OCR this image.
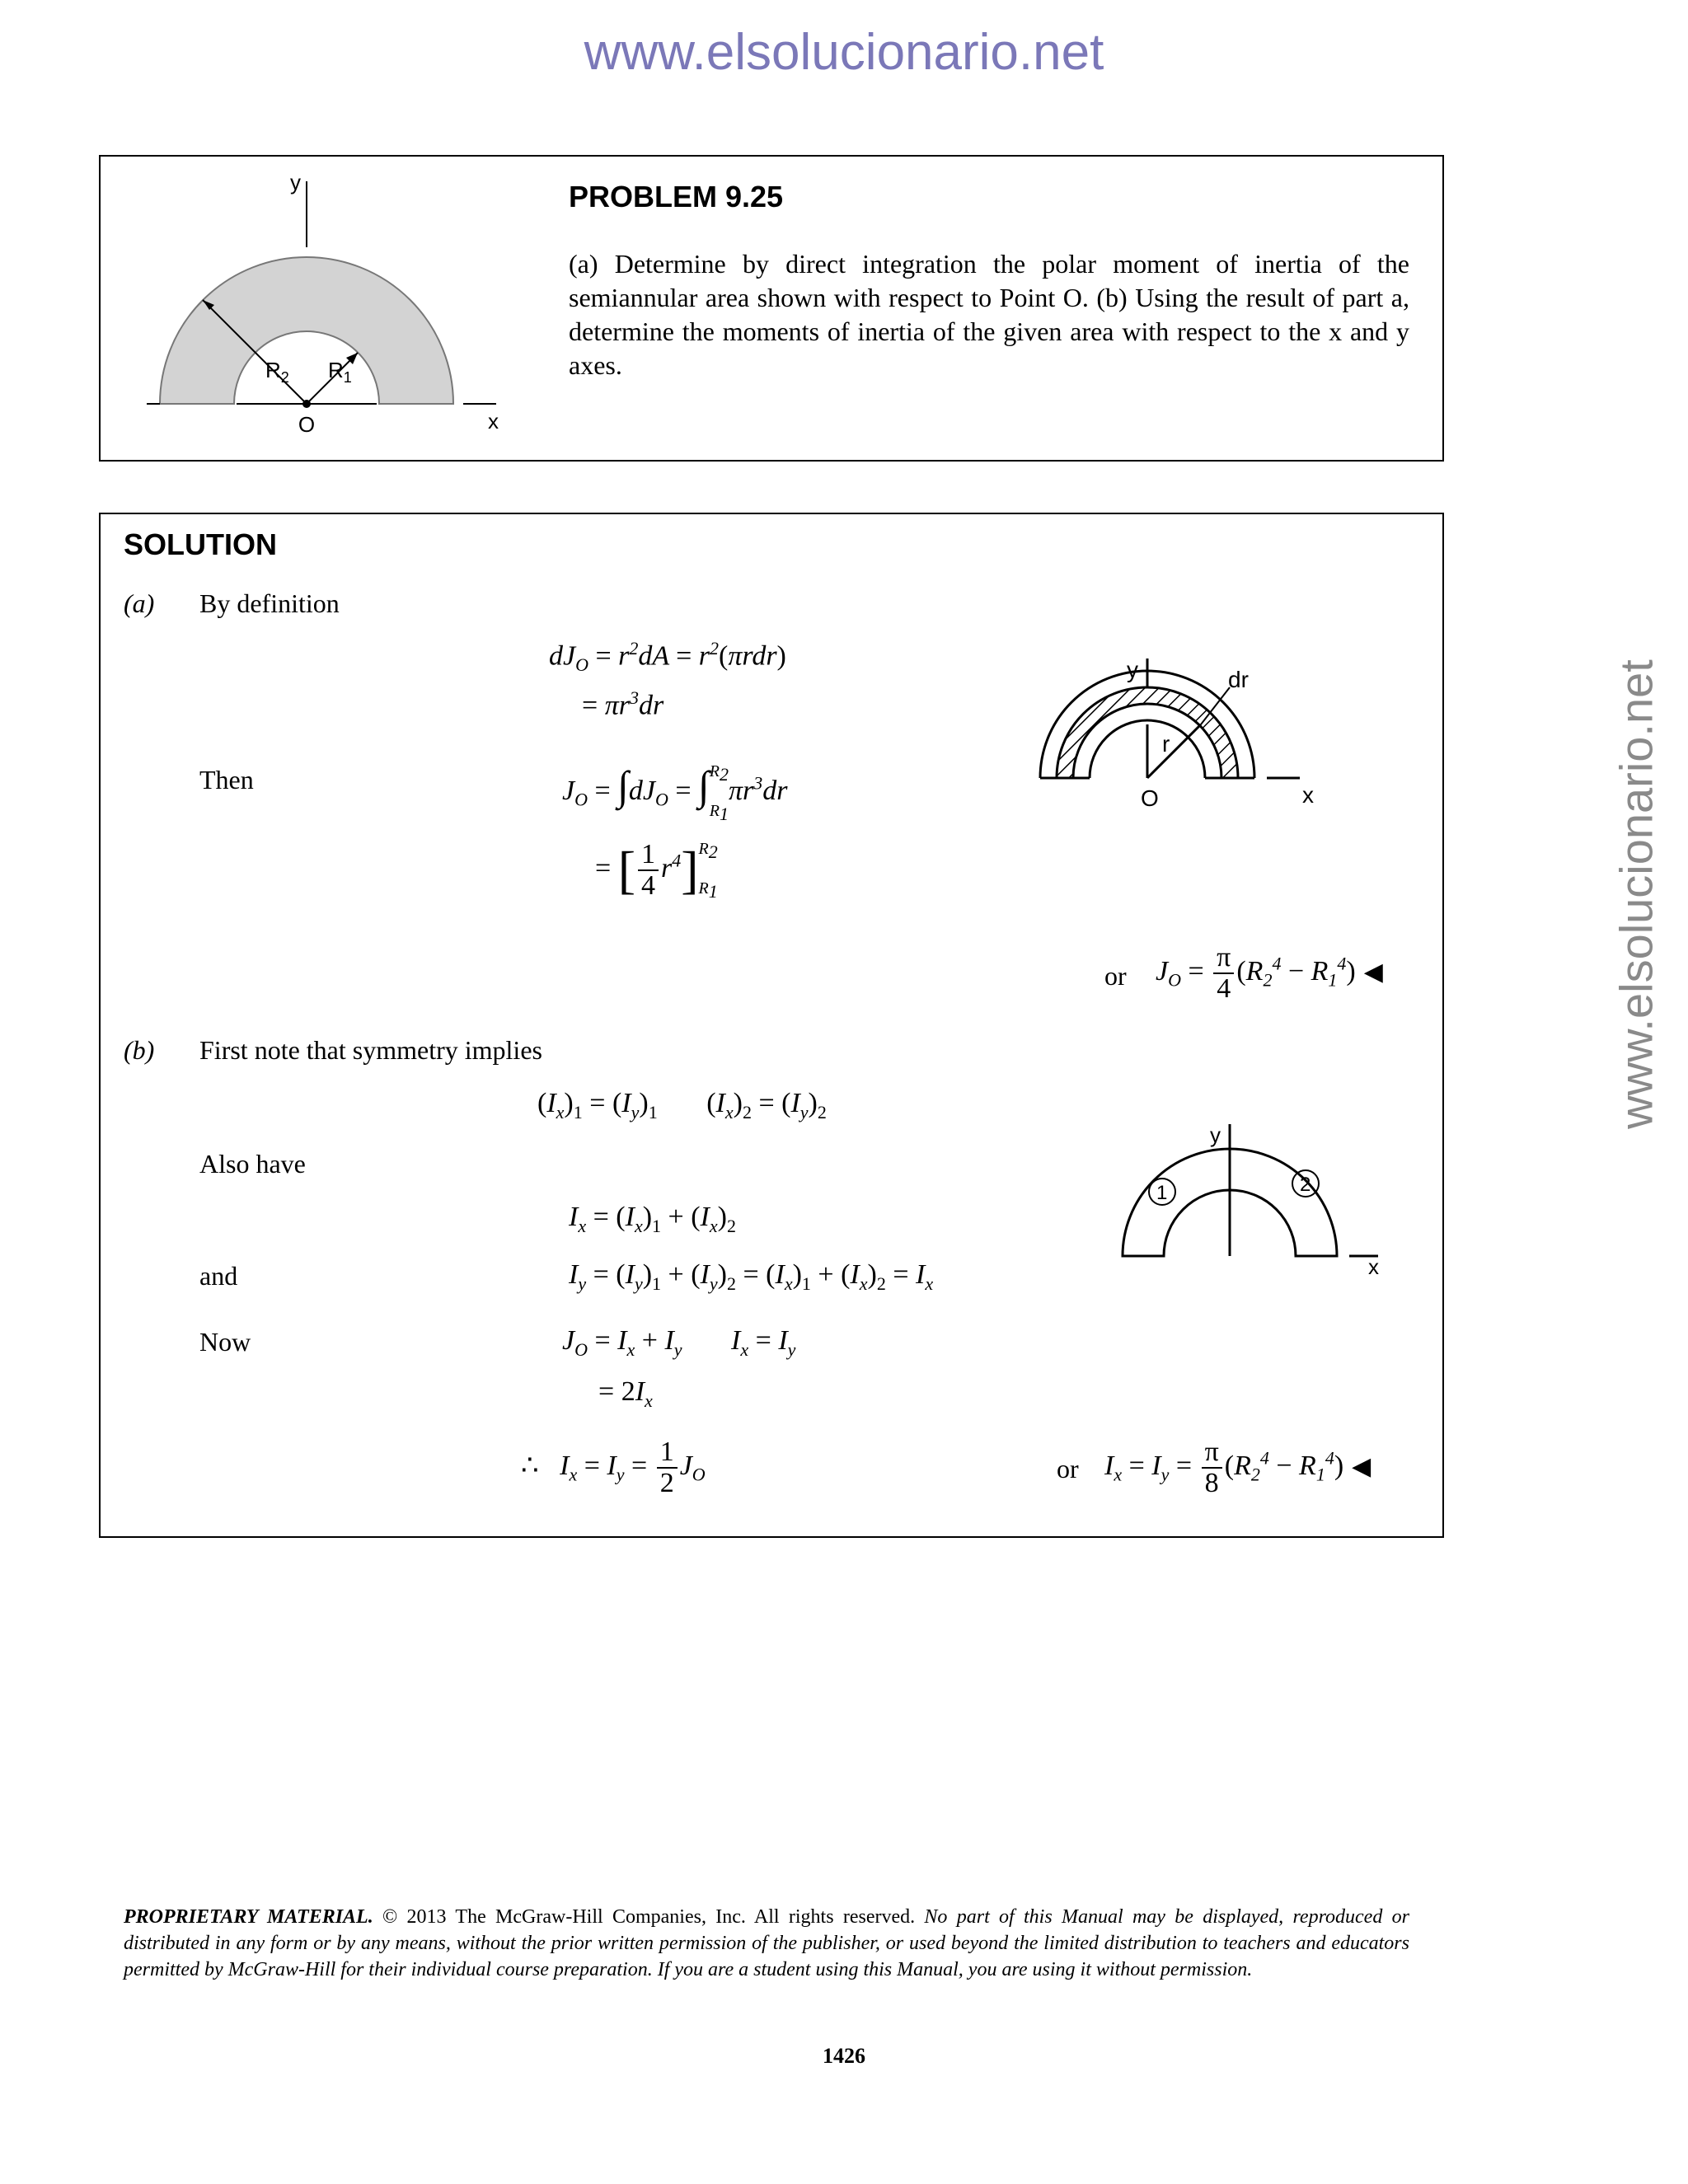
www.elsolucionario.net
www.elsolucionario.net
y
x
O
$R_2$ $R_1$
PROBLEM 9.25
(a) Determine by direct integration the polar moment of inertia of the semiannular area shown with respect to Point O. (b) Using the result of part a, determine the moments of inertia of the given area with respect to the x and y axes.
SOLUTION
(a) By definition
$dJ_O = r^2dA = r^2(\pi rdr)$
= $\pi r^3dr$
Then	$J_O = \int dJ_O$ = ∫ $R_2$
$R_1$
$\pi r^3dr$
= [ $\frac{1}{4} r^4$] $R_2$
$R_1$
or $J_O = \frac{\pi}{4} (R_2^4 - R_1^4)$ ◀
y
x
O
r
dr
(b) First note that symmetry implies
$(I_x)_1 = (I_y)_1$ $(I_x)_2 = (I_y)_2$
Also have
$I_x = (I_x)_1 + (I_x)_2$
and	$I_y = (I_y)_1 + (I_y)_2 = (I_x)_1 + (I_x)_2 = I_x$
Now	$J_O = I_x + I_y$       $I_x = I_y$
= $2I_x$
∴   $I_x = I_y = \frac{1}{2} J_O$	or $I_x = I_y = \frac{\pi}{8} (R_2^4 - R_1^4)$ ◀
y
x
1	2
PROPRIETARY MATERIAL. © 2013 The McGraw-Hill Companies, Inc. All rights reserved. No part of this Manual may be displayed, reproduced or distributed in any form or by any means, without the prior written permission of the publisher, or used beyond the limited distribution to teachers and educators permitted by McGraw-Hill for their individual course preparation. If you are a student using this Manual, you are using it without permission.
1426
